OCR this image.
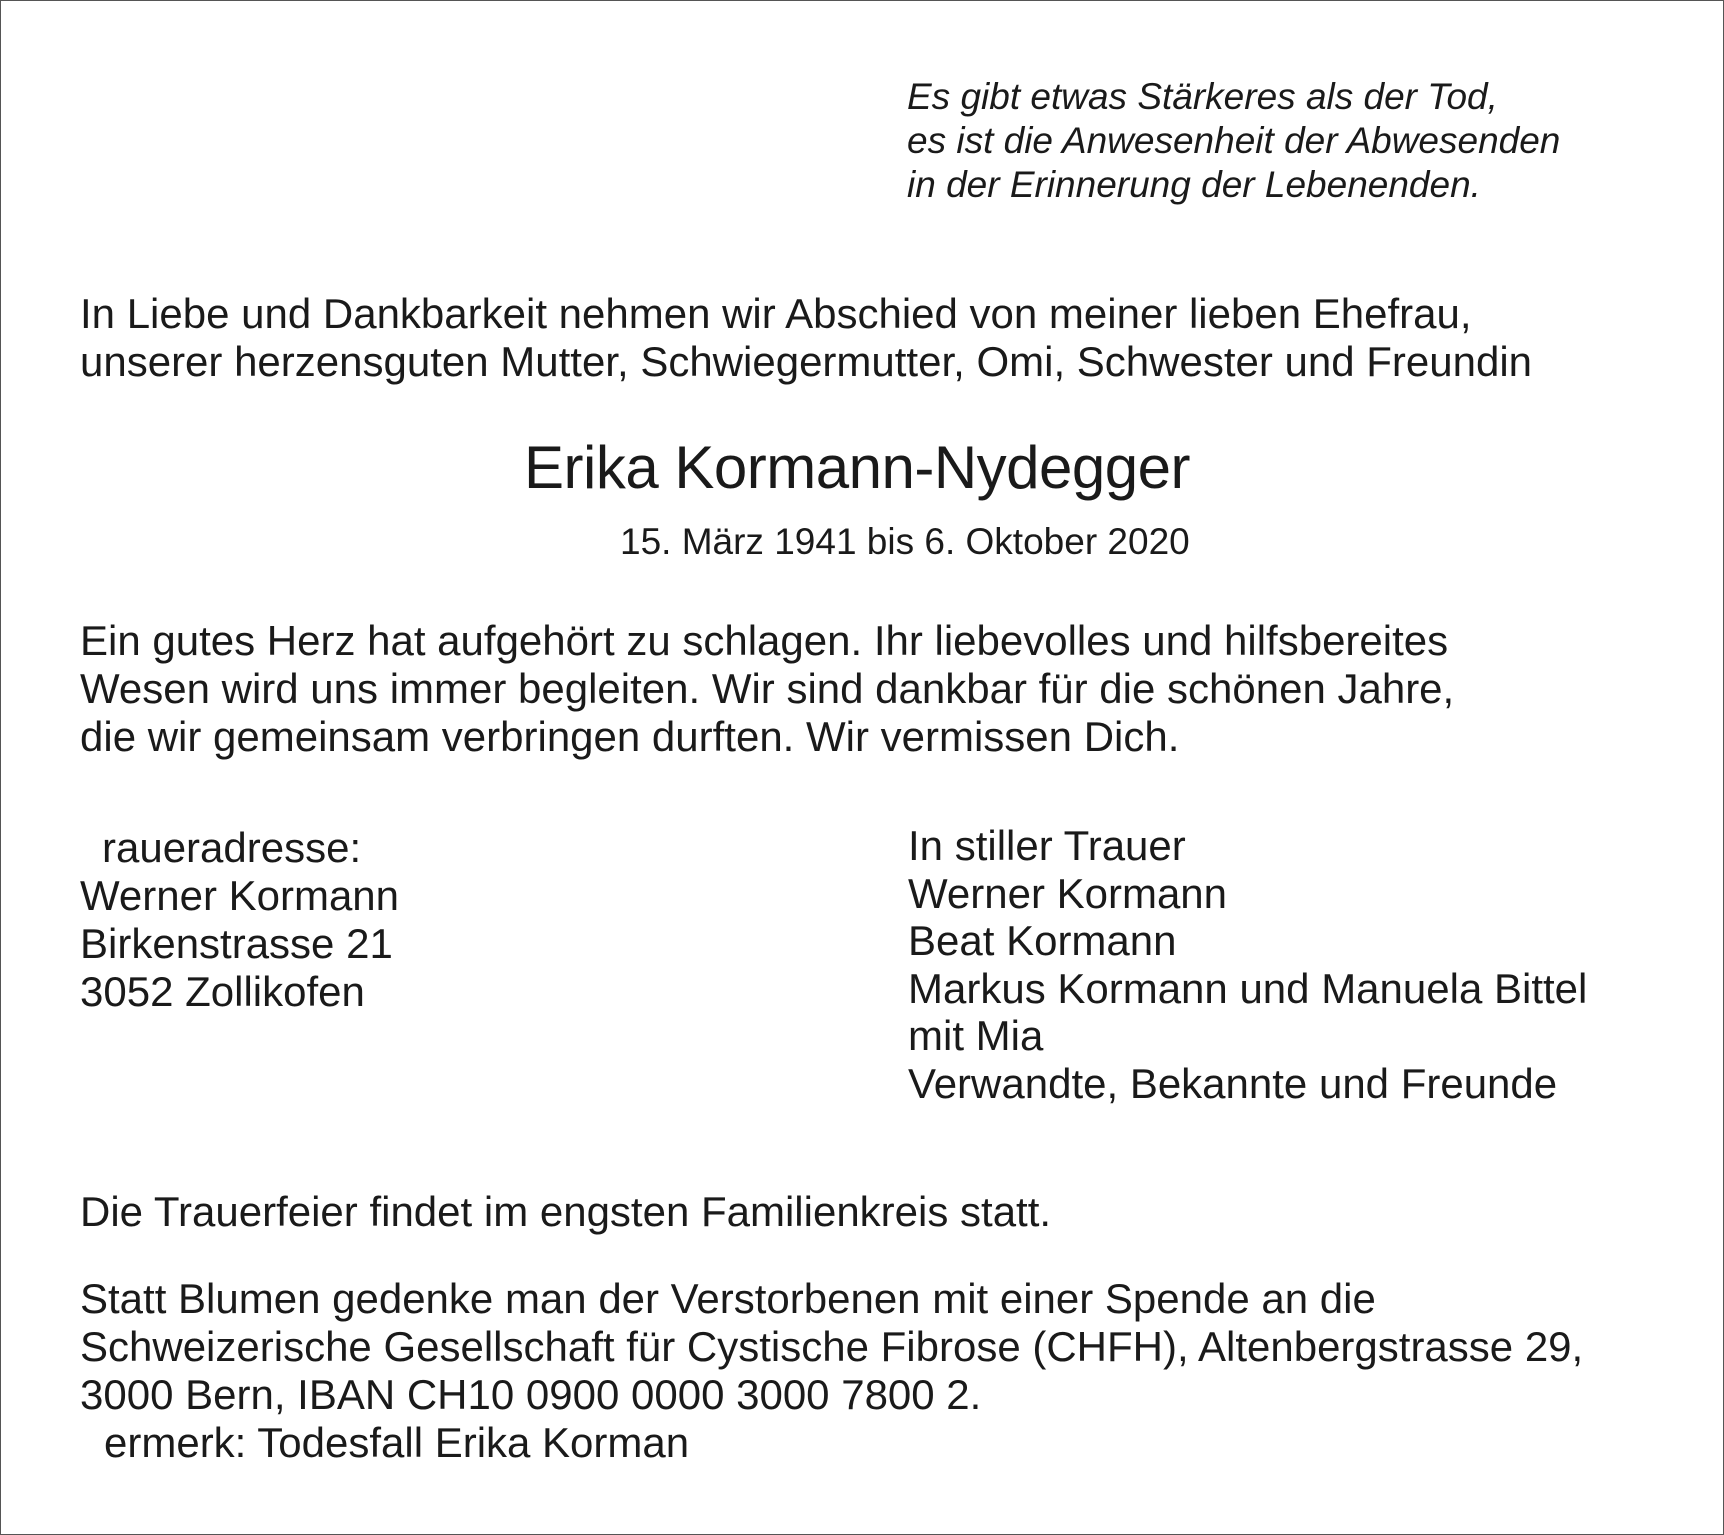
Es gibt etwas Stärkeres als der Tod,
es ist die Anwesenheit der Abwesenden
in der Erinnerung der Lebenenden.
In Liebe und Dankbarkeit nehmen wir Abschied von meiner lieben Ehefrau,
unserer herzensguten Mutter, Schwiegermutter, Omi, Schwester und Freundin
Erika Kormann-Nydegger
15. März 1941 bis 6. Oktober 2020
Ein gutes Herz hat aufgehört zu schlagen. Ihr liebevolles und hilfsbereites
Wesen wird uns immer begleiten. Wir sind dankbar für die schönen Jahre,
die wir gemeinsam verbringen durften. Wir vermissen Dich.
raueradresse:
Werner Kormann
Birkenstrasse 21
3052 Zollikofen
In stiller Trauer
Werner Kormann
Beat Kormann
Markus Kormann und Manuela Bittel
mit Mia
Verwandte, Bekannte und Freunde
Die Trauerfeier findet im engsten Familienkreis statt.
Statt Blumen gedenke man der Verstorbenen mit einer Spende an die
Schweizerische Gesellschaft für Cystische Fibrose (CHFH), Altenbergstrasse 29,
3000 Bern, IBAN CH10 0900 0000 3000 7800 2.
ermerk: Todesfall Erika Korman
